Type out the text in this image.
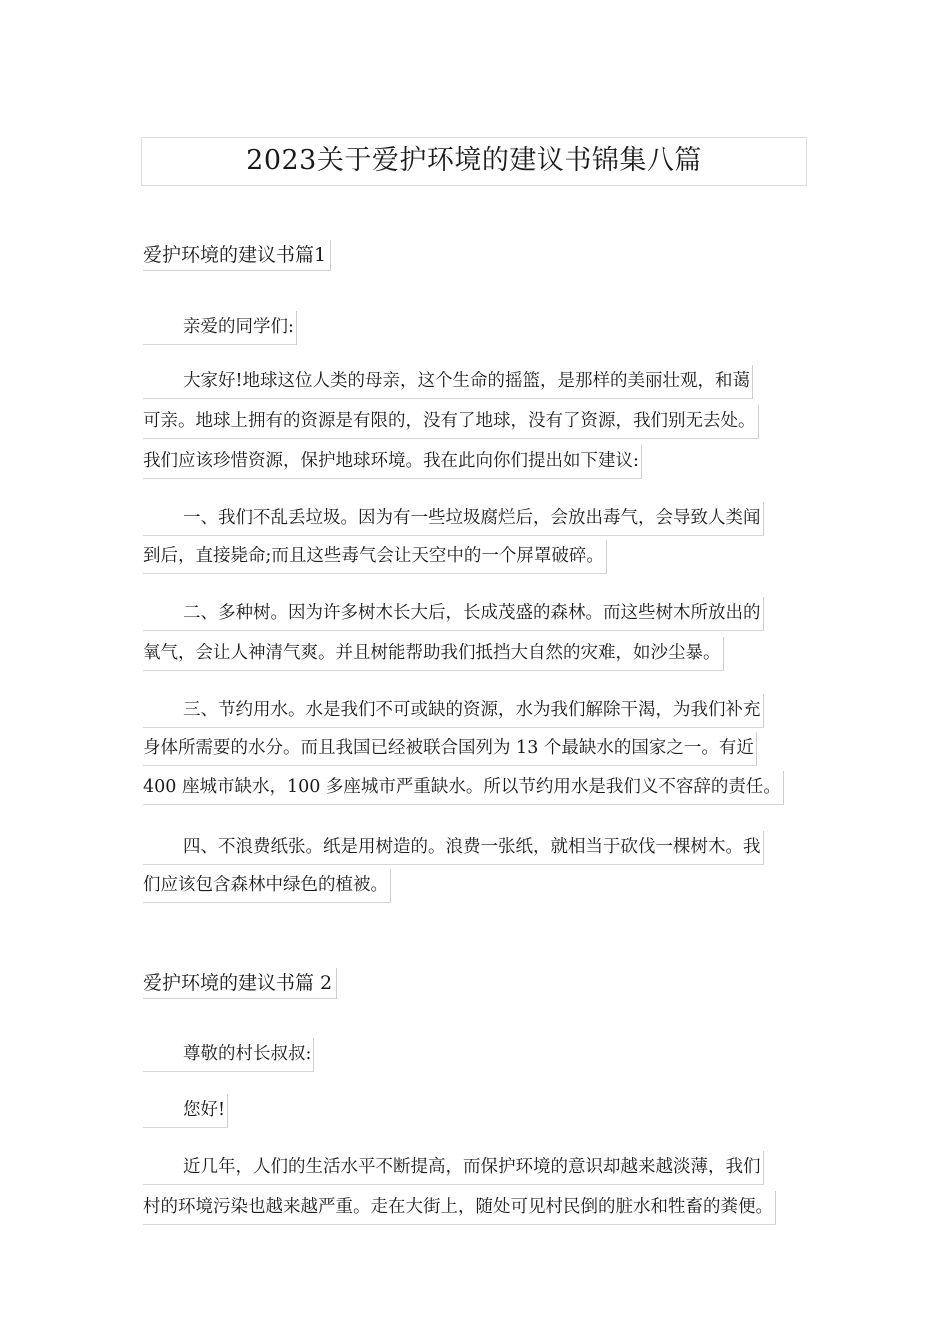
2023关于爱护环境的建议书锦集八篇
爱护环境的建议书篇1
亲爱的同学们:
大家好!地球这位人类的母亲，这个生命的摇篮，是那样的美丽壮观，和蔼
可亲。地球上拥有的资源是有限的，没有了地球，没有了资源，我们别无去处。
我们应该珍惜资源，保护地球环境。我在此向你们提出如下建议:
一、我们不乱丢垃圾。因为有一些垃圾腐烂后，会放出毒气，会导致人类闻
到后，直接毙命;而且这些毒气会让天空中的一个屏罩破碎。
二、多种树。因为许多树木长大后，长成茂盛的森林。而这些树木所放出的
氧气，会让人神清气爽。并且树能帮助我们抵挡大自然的灾难，如沙尘暴。
三、节约用水。水是我们不可或缺的资源，水为我们解除干渴，为我们补充
身体所需要的水分。而且我国已经被联合国列为 13 个最缺水的国家之一。有近
400 座城市缺水，100 多座城市严重缺水。所以节约用水是我们义不容辞的责任。
四、不浪费纸张。纸是用树造的。浪费一张纸，就相当于砍伐一棵树木。我
们应该包含森林中绿色的植被。
爱护环境的建议书篇 2
尊敬的村长叔叔:
您好!
近几年，人们的生活水平不断提高，而保护环境的意识却越来越淡薄，我们
村的环境污染也越来越严重。走在大街上，随处可见村民倒的脏水和牲畜的粪便。
